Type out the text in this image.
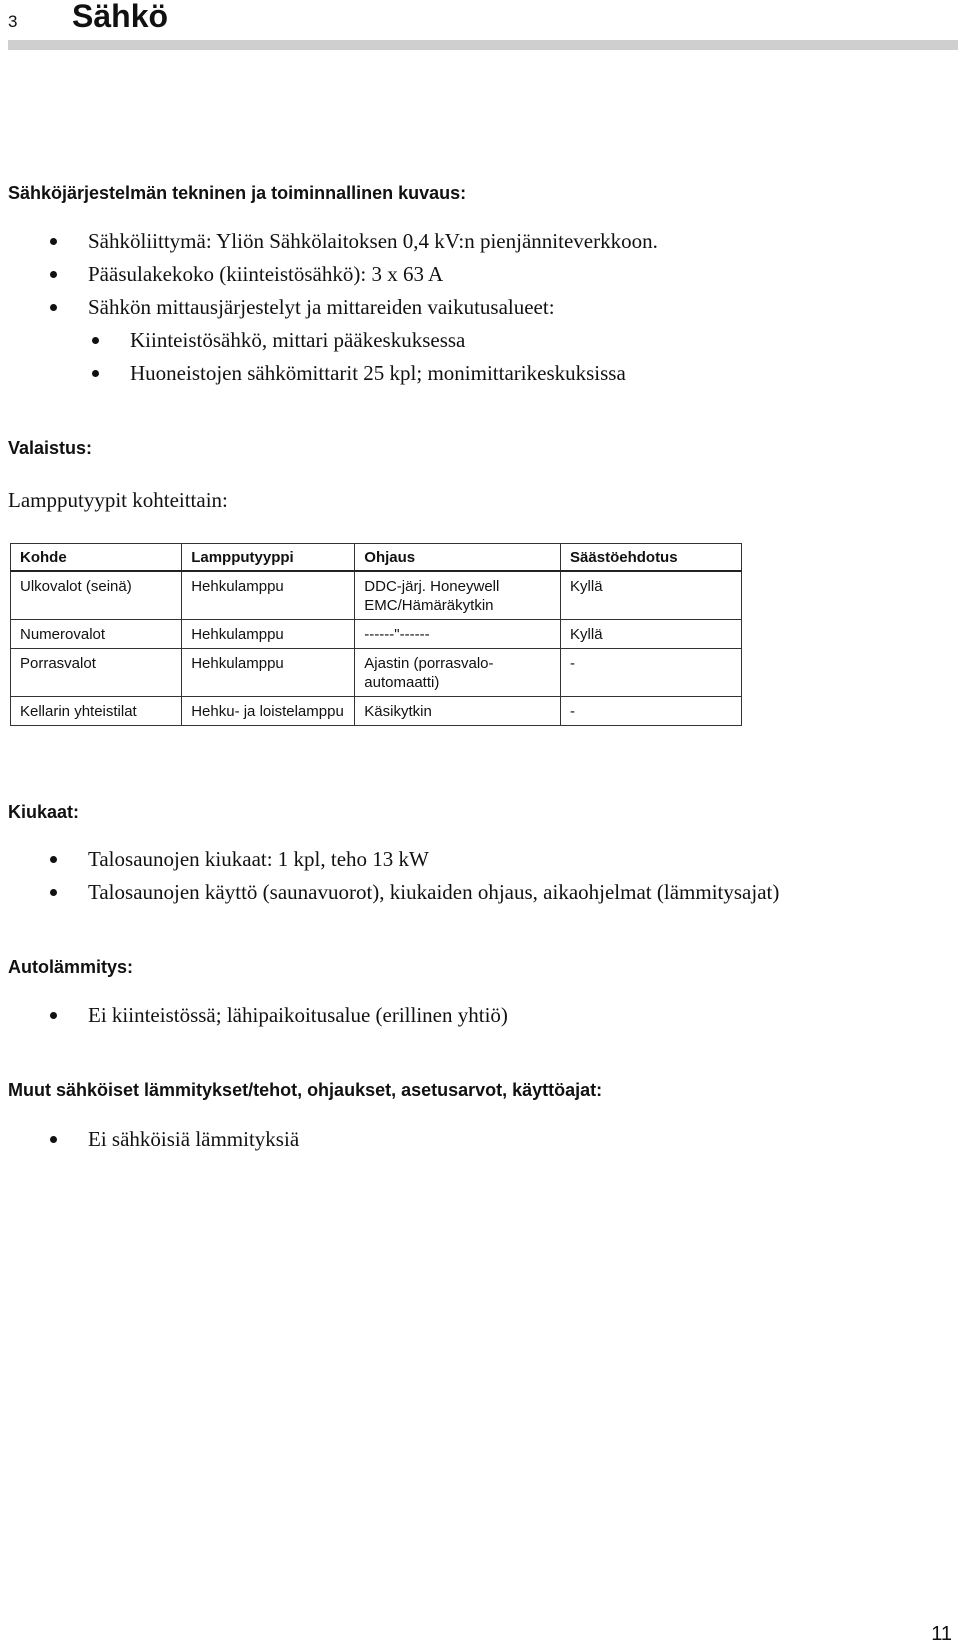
3 Sähkö
Sähköjärjestelmän tekninen ja toiminnallinen kuvaus:
Sähköliittymä: Yliön Sähkölaitoksen 0,4 kV:n pienjänniteverkkoon.
Pääsulakekoko (kiinteistösähkö): 3 x 63 A
Sähkön mittausjärjestelyt ja mittareiden vaikutusalueet:
Kiinteistösähkö, mittari pääkeskuksessa
Huoneistojen sähkömittarit 25 kpl; monimittarikeskuksissa
Valaistus:
Lampputyypit kohteittain:
Kohde	Lampputyyppi	Ohjaus	Säästöehdotus
Ulkovalot (seinä)	Hehkulamppu	DDC-järj. Honeywell EMC/Hämäräkytkin	Kyllä
Numerovalot	Hehkulamppu	------"------	Kyllä
Porrasvalot	Hehkulamppu	Ajastin (porrasvalo-automaatti)	-
Kellarin yhteistilat	Hehku- ja loistelamppu	Käsikytkin	-
Kiukaat:
Talosaunojen kiukaat: 1 kpl, teho 13 kW
Talosaunojen käyttö (saunavuorot), kiukaiden ohjaus, aikaohjelmat (lämmitysajat)
Autolämmitys:
Ei kiinteistössä; lähipaikoitusalue (erillinen yhtiö)
Muut sähköiset lämmitykset/tehot, ohjaukset, asetusarvot, käyttöajat:
Ei sähköisiä lämmityksiä
11
